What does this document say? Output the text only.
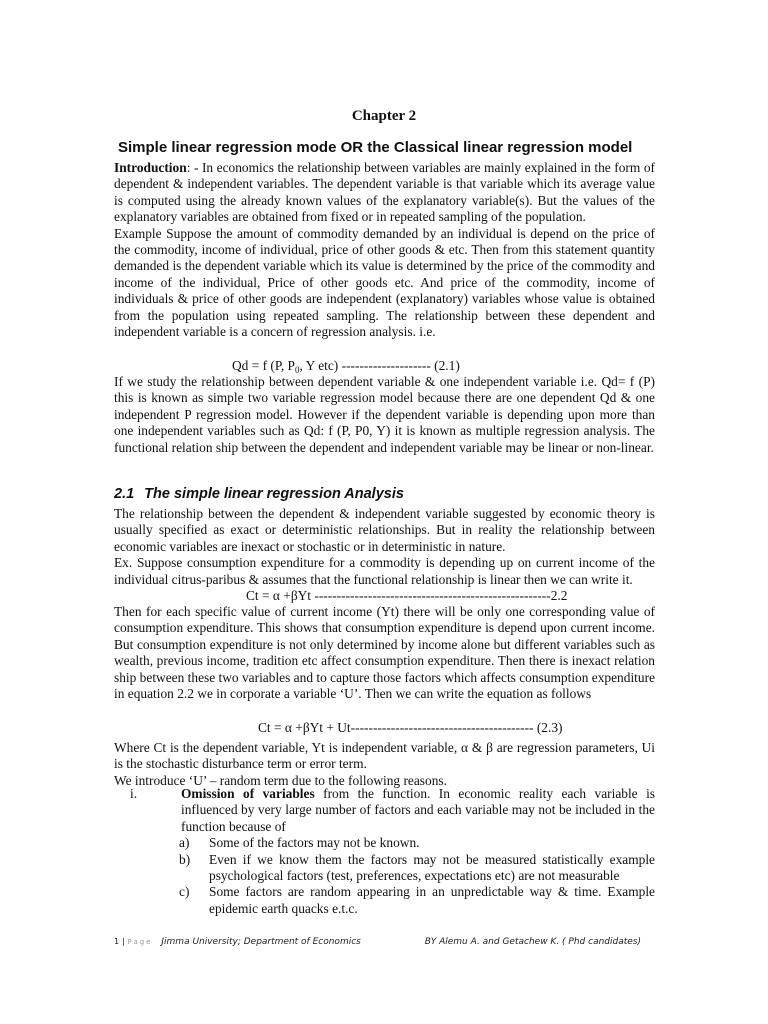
Chapter 2
Simple linear regression mode OR the Classical linear regression model

Introduction: - In economics the relationship between variables are mainly explained in the form of dependent & independent variables. The dependent variable is that variable which its average value is computed using the already known values of the explanatory variable(s). But the values of the explanatory variables are obtained from fixed or in repeated sampling of the population.

Example Suppose the amount of commodity demanded by an individual is depend on the price of the commodity, income of individual, price of other goods & etc. Then from this statement quantity demanded is the dependent variable which its value is determined by the price of the commodity and income of the individual, Price of other goods etc. And price of the commodity, income of individuals & price of other goods are independent (explanatory) variables whose value is obtained from the population using repeated sampling. The relationship between these dependent and independent variable is a concern of regression analysis. i.e.

Qd = f (P, $P_0$, Y etc) -------------------- (2.1)
If we study the relationship between dependent variable & one independent variable i.e. Qd= f (P) this is known as simple two variable regression model because there are one dependent Qd & one independent P regression model. However if the dependent variable is depending upon more than one independent variables such as Qd: f (P, P0, Y) it is known as multiple regression analysis. The functional relation ship between the dependent and independent variable may be linear or non-linear.
2.1 The simple linear regression Analysis

The relationship between the dependent & independent variable suggested by economic theory is usually specified as exact or deterministic relationships. But in reality the relationship between economic variables are inexact or stochastic or in deterministic in nature.

Ex. Suppose consumption expenditure for a commodity is depending up on current income of the individual citrus-paribus & assumes that the functional relationship is linear then we can write it.

Ct = α +βYt -----------------------------------------------------2.2
Then for each specific value of current income (Yt) there will be only one corresponding value of consumption expenditure. This shows that consumption expenditure is depend upon current income. But consumption expenditure is not only determined by income alone but different variables such as wealth, previous income, tradition etc affect consumption expenditure. Then there is inexact relation ship between these two variables and to capture those factors which affects consumption expenditure in equation 2.2 we in corporate a variable ‘U’. Then we can write the equation as follows
Ct = α +βYt + Ut----------------------------------------- (2.3)

Where Ct is the dependent variable, Yt is independent variable, α & β are regression parameters, Ui is the stochastic disturbance term or error term.

We introduce ‘U’ – random term due to the following reasons.

i.	Omission of variables from the function. In economic reality each variable is influenced by very large number of factors and each variable may not be included in the function because of
a) Some of the factors may not be known.
b) Even if we know them the factors may not be measured statistically example psychological factors (test, preferences, expectations etc) are not measurable
c) Some factors are random appearing in an unpredictable way & time. Example epidemic earth quacks e.t.c.
1 | Page Jimma University; Department of Economics	BY Alemu A. and Getachew K. ( Phd candidates)
